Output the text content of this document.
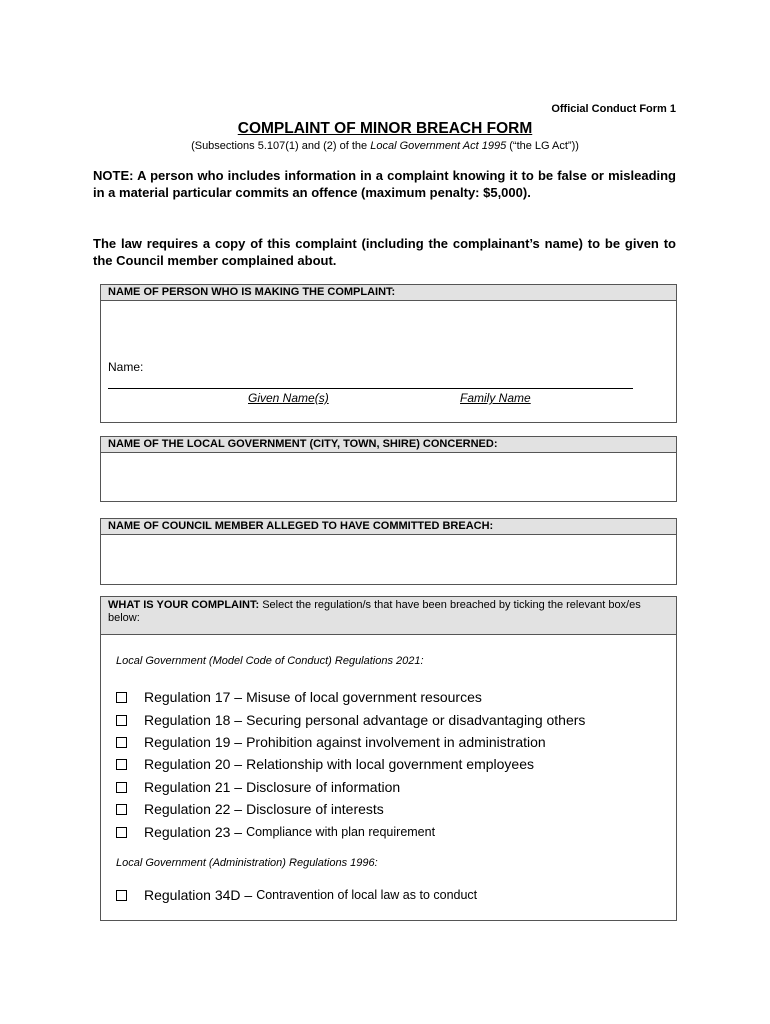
Official Conduct Form 1
COMPLAINT OF MINOR BREACH FORM
(Subsections 5.107(1) and (2) of the Local Government Act 1995 (“the LG Act”))
NOTE: A person who includes information in a complaint knowing it to be false or misleading in a material particular commits an offence (maximum penalty: $5,000).
The law requires a copy of this complaint (including the complainant’s name) to be given to the Council member complained about.
NAME OF PERSON WHO IS MAKING THE COMPLAINT:
Name:
Given Name(s)	Family Name
NAME OF THE LOCAL GOVERNMENT (CITY, TOWN, SHIRE) CONCERNED:
NAME OF COUNCIL MEMBER ALLEGED TO HAVE COMMITTED BREACH:
WHAT IS YOUR COMPLAINT: Select the regulation/s that have been breached by ticking the relevant box/es below:
Local Government (Model Code of Conduct) Regulations 2021:
Regulation 17 – Misuse of local government resources
Regulation 18 – Securing personal advantage or disadvantaging others
Regulation 19 – Prohibition against involvement in administration
Regulation 20 – Relationship with local government employees
Regulation 21 – Disclosure of information
Regulation 22 – Disclosure of interests
Regulation 23 – Compliance with plan requirement
Local Government (Administration) Regulations 1996:
Regulation 34D – Contravention of local law as to conduct
